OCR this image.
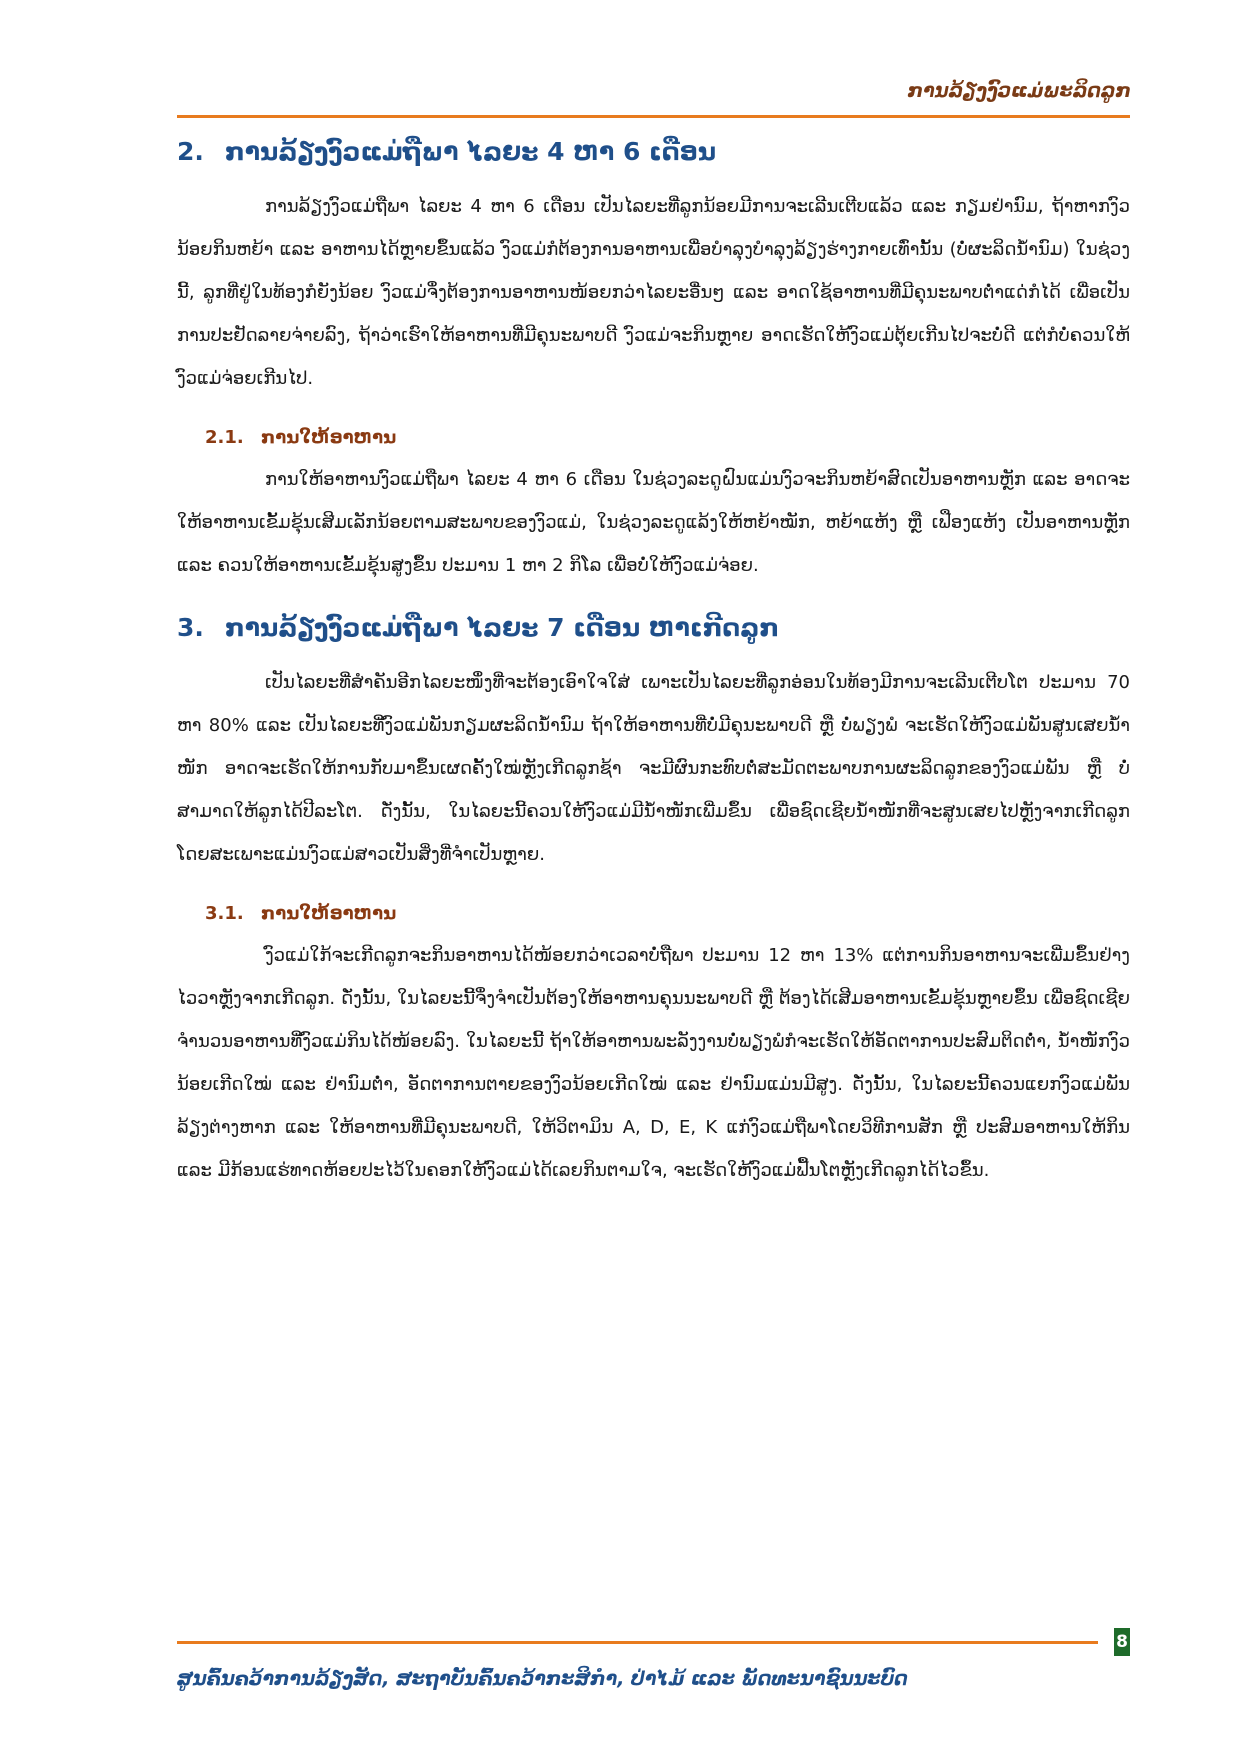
ການລ້ຽງງົວແມ່ພະລິດລູກ
2. ການລ້ຽງງົວແມ່ຖືພາ ໄລຍະ 4 ຫາ 6 ເດືອນ

ການລ້ຽງງົວແມ່ຖືພາ ໄລຍະ 4 ຫາ 6 ເດືອນ ເປັນໄລຍະທີ່ລູກນ້ອຍມີການຈະເລີນເຕີບແລ້ວ ແລະ ກຽມຢ່ານົມ, ຖ້າຫາກງົວນ້ອຍກິນຫຍ້າ ແລະ ອາຫານໄດ້ຫຼາຍຂຶ້ນແລ້ວ ງົວແມ່ກໍຕ້ອງການອາຫານເພື່ອບຳລຸງບໍາລຸງລ້ຽງຮ່າງກາຍເທົ່ານັ້ນ (ບໍ່ຜະລິດນ້ຳນົມ) ໃນຊ່ວງນີ້, ລູກທີ່ຢູ່ໃນທ້ອງກໍຍັງນ້ອຍ ງົວແມ່ຈຶ່ງຕ້ອງການອາຫານໜ້ອຍກວ່າໄລຍະອື່ນໆ ແລະ ອາດໃຊ້ອາຫານທີ່ມີຄຸນະພາບຕ່ຳແດ່ກໍໄດ້ ເພື່ອເປັນການປະຢັດລາຍຈ່າຍລົງ, ຖ້າວ່າເຮົາໃຫ້ອາຫານທີ່ມີຄຸນະພາບດີ ງົວແມ່ຈະກິນຫຼາຍ ອາດເຮັດໃຫ້ງົວແມ່ຕຸ້ຍເກີນໄປຈະບໍ່ດີ ແຕ່ກໍບໍ່ຄວນໃຫ້ງົວແມ່ຈ່ອຍເກີນໄປ.

2.1. ການໃຫ້ອາຫານ

ການໃຫ້ອາຫານງົວແມ່ຖືພາ ໄລຍະ 4 ຫາ 6 ເດືອນ ໃນຊ່ວງລະດູຝົນແມ່ນງົວຈະກິນຫຍ້າສົດເປັນອາຫານຫຼັກ ແລະ ອາດຈະໃຫ້ອາຫານເຂັ້ມຂຸ້ນເສີມເລັກນ້ອຍຕາມສະພາບຂອງງົວແມ່, ໃນຊ່ວງລະດູແລ້ງໃຫ້ຫຍ້າໝັກ, ຫຍ້າແຫ້ງ ຫຼື ເຟືອງແຫ້ງ ເປັນອາຫານຫຼັກ ແລະ ຄວນໃຫ້ອາຫານເຂັ້ມຂຸ້ນສູງຂຶ້ນ ປະມານ 1 ຫາ 2 ກິໂລ ເພື່ອບໍ່ໃຫ້ງົວແມ່ຈ່ອຍ.

3. ການລ້ຽງງົວແມ່ຖືພາ ໄລຍະ 7 ເດືອນ ຫາເກີດລູກ

ເປັນໄລຍະທີ່ສຳຄັນອີກໄລຍະໜຶ່ງທີ່ຈະຕ້ອງເອົາໃຈໃສ່ ເພາະເປັນໄລຍະທີ່ລູກອ່ອນໃນທ້ອງມີການຈະເລີນເຕີບໂຕ ປະມານ 70 ຫາ 80% ແລະ ເປັນໄລຍະທີ່ງົວແມ່ພັນກຽມຜະລິດນ້ຳນົມ ຖ້າໃຫ້ອາຫານທີ່ບໍ່ມີຄຸນະພາບດີ ຫຼື ບໍ່ພຽງພໍ ຈະເຮັດໃຫ້ງົວແມ່ພັນສູນເສຍນ້ຳໜັກ ອາດຈະເຮັດໃຫ້ການກັບມາຂຶ້ນເຜດຄັ້ງໃໝ່ຫຼັງເກີດລູກຊ້າ ຈະມີຜົນກະທົບຕໍ່ສະມັດຕະພາບການຜະລິດລູກຂອງງົວແມ່ພັນ ຫຼື ບໍ່ສາມາດໃຫ້ລູກໄດ້ປີລະໂຕ. ດັ່ງນັ້ນ, ໃນໄລຍະນີ້ຄວນໃຫ້ງົວແມ່ມີນ້ຳໜັກເພີ່ມຂຶ້ນ ເພື່ອຊົດເຊີຍນ້ຳໜັກທີ່ຈະສູນເສຍໄປຫຼັງຈາກເກີດລູກ ໂດຍສະເພາະແມ່ນງົວແມ່ສາວເປັນສິ່ງທີ່ຈຳເປັນຫຼາຍ.

3.1. ການໃຫ້ອາຫານ

ງົວແມ່ໃກ້ຈະເກີດລູກຈະກິນອາຫານໄດ້ໜ້ອຍກວ່າເວລາບໍ່ຖືພາ ປະມານ 12 ຫາ 13% ແຕ່ການກິນອາຫານຈະເພີ່ມຂຶ້ນຢ່າງໄວວາຫຼັງຈາກເກີດລູກ. ດັ່ງນັ້ນ, ໃນໄລຍະນີ້ຈຶ່ງຈຳເປັນຕ້ອງໃຫ້ອາຫານຄຸນນະພາບດີ ຫຼື ຕ້ອງໄດ້ເສີມອາຫານເຂັ້ມຂຸ້ນຫຼາຍຂຶ້ນ ເພື່ອຊົດເຊີຍຈຳນວນອາຫານທີ່ງົວແມ່ກິນໄດ້ໜ້ອຍລົງ. ໃນໄລຍະນີ້ ຖ້າໃຫ້ອາຫານພະລັງງານບໍ່ພຽງພໍກໍຈະເຮັດໃຫ້ອັດຕາການປະສົມຕິດຕ່ຳ, ນ້ຳໜັກງົວນ້ອຍເກີດໃໝ່ ແລະ ຢ່ານົມຕ່ຳ, ອັດຕາການຕາຍຂອງງົວນ້ອຍເກີດໃໝ່ ແລະ ຢ່ານົມແມ່ນມີສູງ. ດັ່ງນັ້ນ, ໃນໄລຍະນີ້ຄວນແຍກງົວແມ່ພັນລ້ຽງຕ່າງຫາກ ແລະ ໃຫ້ອາຫານທີ່ມີຄຸນະພາບດີ, ໃຫ້ວິຕາມິນ A, D, E, K ແກ່ງົວແມ່ຖືພາໂດຍວິທີການສັກ ຫຼື ປະສົມອາຫານໃຫ້ກິນ ແລະ ມີກ້ອນແຮ່ທາດຫ້ອຍປະໄວ້ໃນຄອກໃຫ້ງົວແມ່ໄດ້ເລຍກິນຕາມໃຈ, ຈະເຮັດໃຫ້ງົວແມ່ຟື້ນໂຕຫຼັງເກີດລູກໄດ້ໄວຂຶ້ນ.

8
ສູນຄົ້ນຄວ້າການລ້ຽງສັດ, ສະຖາບັນຄົ້ນຄວ້າກະສິກຳ, ປ່າໄມ້ ແລະ ພັດທະນາຊົນນະບົດ
